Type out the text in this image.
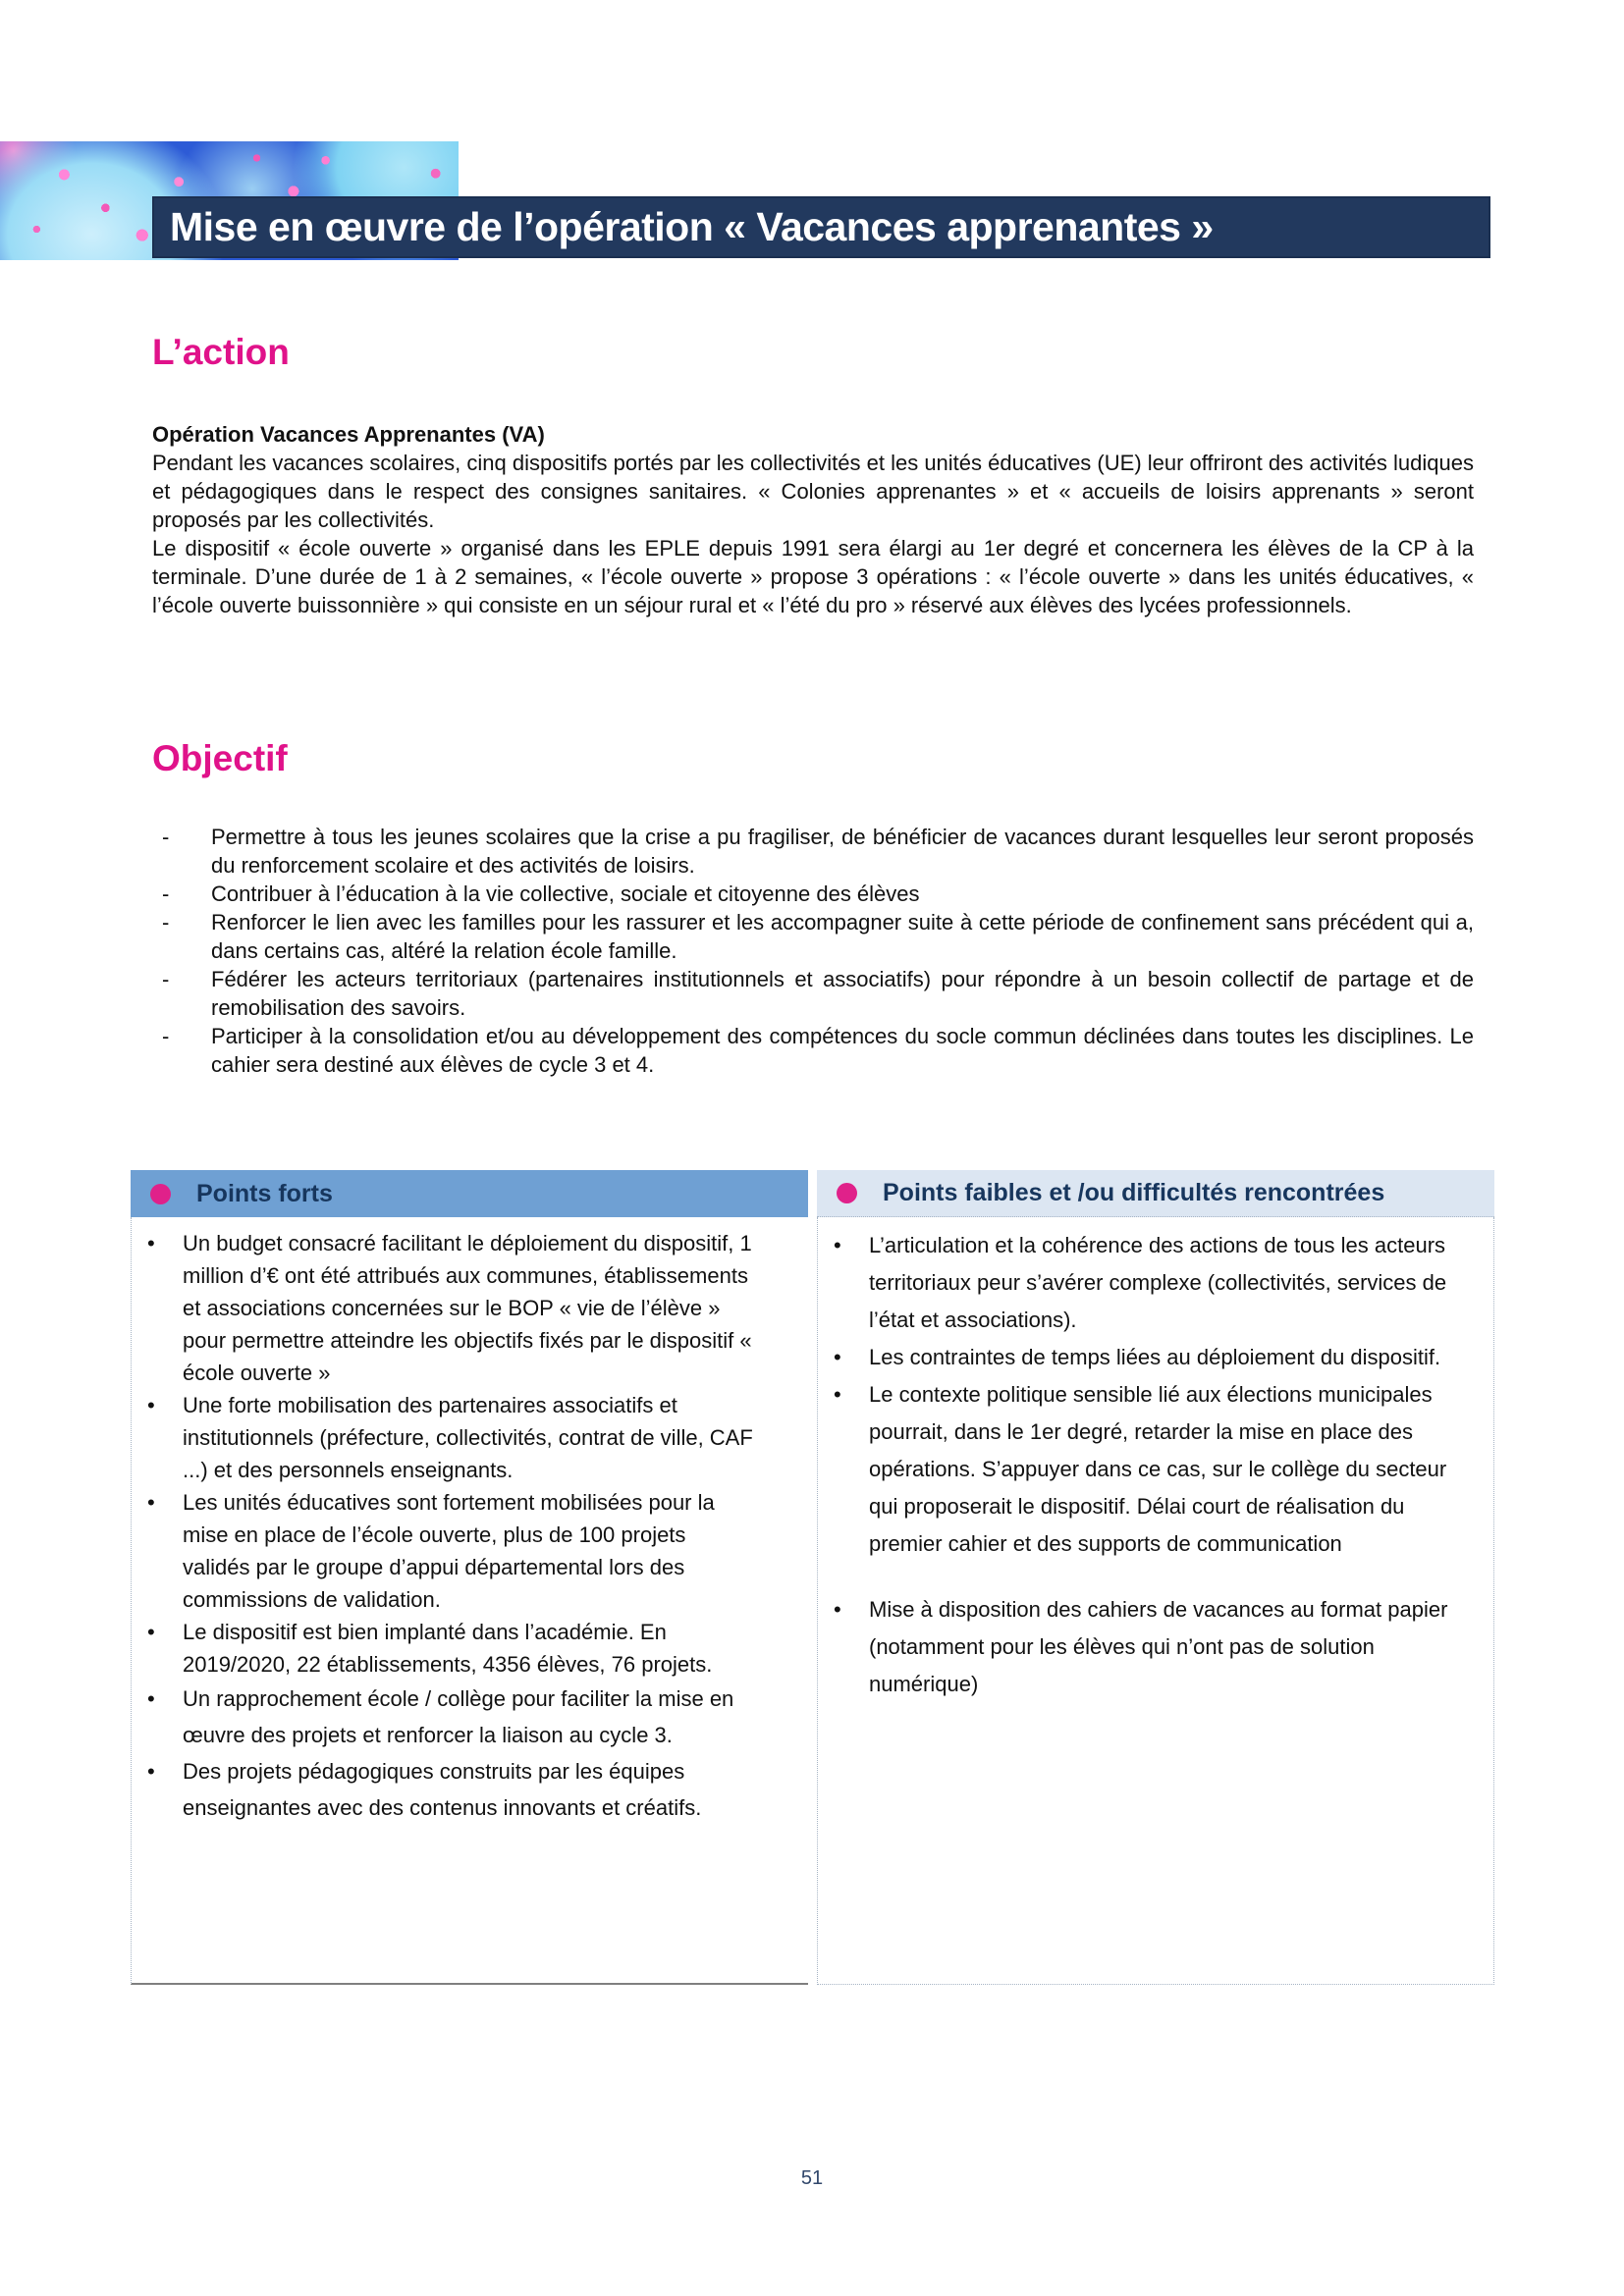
Mise en œuvre de l’opération « Vacances apprenantes »
L’action

Opération Vacances Apprenantes (VA)

Pendant les vacances scolaires, cinq dispositifs portés par les collectivités et les unités éducatives (UE) leur offriront des activités ludiques et pédagogiques dans le respect des consignes sanitaires. « Colonies apprenantes » et « accueils de loisirs apprenants » seront proposés par les collectivités.

Le dispositif « école ouverte » organisé dans les EPLE depuis 1991 sera élargi au 1er degré et concernera les élèves de la CP à la terminale. D’une durée de 1 à 2 semaines, « l’école ouverte » propose 3 opérations : « l’école ouverte » dans les unités éducatives, « l’école ouverte buissonnière » qui consiste en un séjour rural et « l’été du pro » réservé aux élèves des lycées professionnels.

Objectif
- Permettre à tous les jeunes scolaires que la crise a pu fragiliser, de bénéficier de vacances durant lesquelles leur seront proposés du renforcement scolaire et des activités de loisirs.
- Contribuer à l’éducation à la vie collective, sociale et citoyenne des élèves
- Renforcer le lien avec les familles pour les rassurer et les accompagner suite à cette période de confinement sans précédent qui a, dans certains cas, altéré la relation école famille.
- Fédérer les acteurs territoriaux (partenaires institutionnels et associatifs) pour répondre à un besoin collectif de partage et de remobilisation des savoirs.
- Participer à la consolidation et/ou au développement des compétences du socle commun déclinées dans toutes les disciplines. Le cahier sera destiné aux élèves de cycle 3 et 4.
Points forts
• Un budget consacré facilitant le déploiement du dispositif, 1 million d’€ ont été attribués aux communes, établissements et associations concernées sur le BOP « vie de l’élève » pour permettre atteindre les objectifs fixés par le dispositif « école ouverte »
• Une forte mobilisation des partenaires associatifs et institutionnels (préfecture, collectivités, contrat de ville, CAF ...) et des personnels enseignants.
• Les unités éducatives sont fortement mobilisées pour la mise en place de l’école ouverte, plus de 100 projets validés par le groupe d’appui départemental lors des commissions de validation.
• Le dispositif est bien implanté dans l’académie. En 2019/2020, 22 établissements, 4356 élèves, 76 projets.
• Un rapprochement école / collège pour faciliter la mise en œuvre des projets et renforcer la liaison au cycle 3.
• Des projets pédagogiques construits par les équipes enseignantes avec des contenus innovants et créatifs.
Points faibles et /ou difficultés rencontrées
• L’articulation et la cohérence des actions de tous les acteurs territoriaux peur s’avérer complexe (collectivités, services de l’état et associations).
• Les contraintes de temps liées au déploiement du dispositif.
• Le contexte politique sensible lié aux élections municipales pourrait, dans le 1er degré, retarder la mise en place des opérations. S’appuyer dans ce cas, sur le collège du secteur qui proposerait le dispositif. Délai court de réalisation du premier cahier et des supports de communication
• Mise à disposition des cahiers de vacances au format papier (notamment pour les élèves qui n’ont pas de solution numérique)
51
